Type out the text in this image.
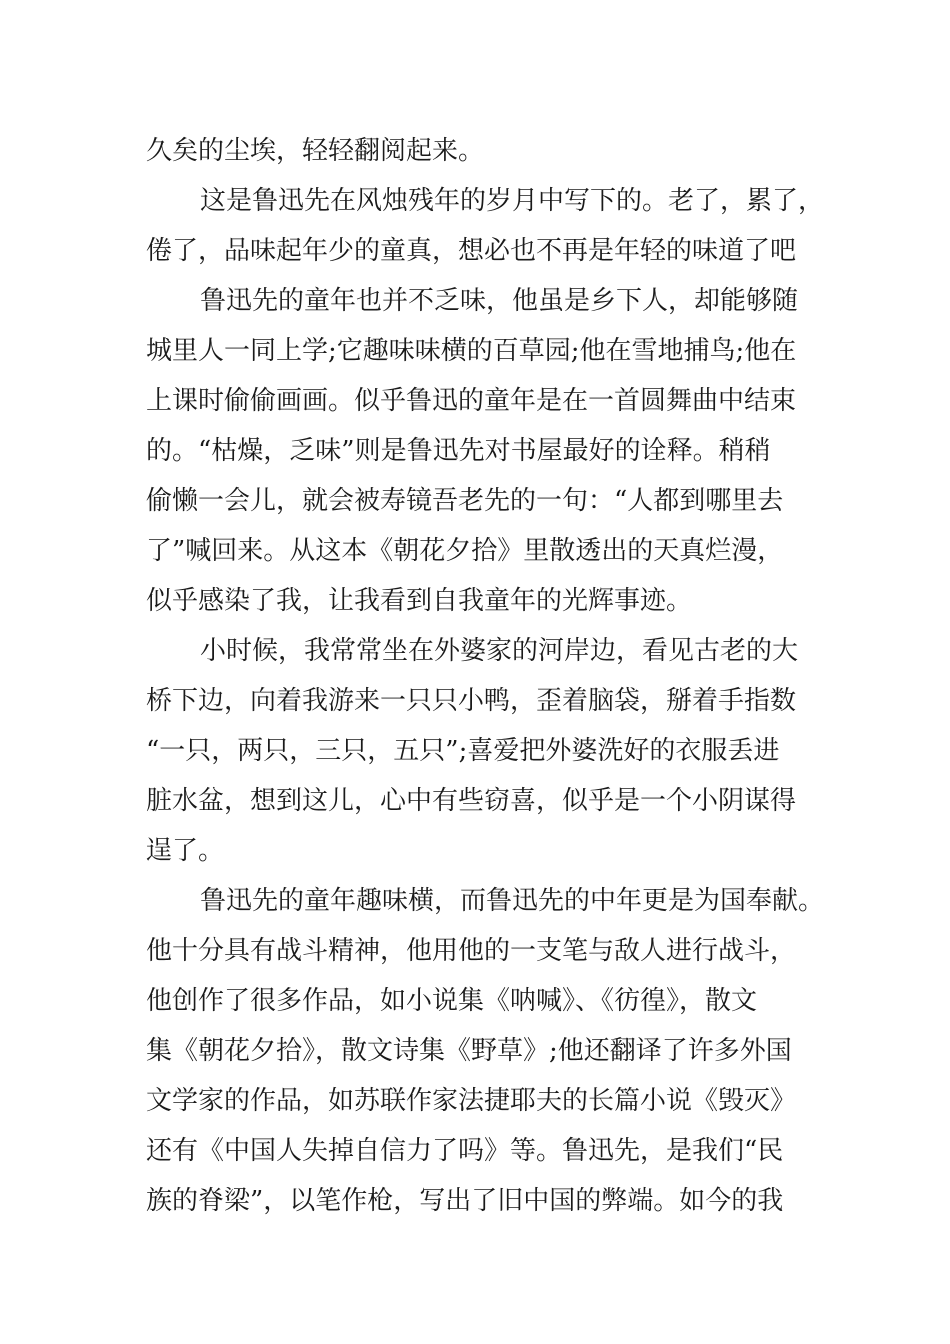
久矣的尘埃，轻轻翻阅起来。
这是鲁迅先在风烛残年的岁月中写下的。老了，累了，
倦了，品味起年少的童真，想必也不再是年轻的味道了吧
鲁迅先的童年也并不乏味，他虽是乡下人，却能够随
城里人一同上学;它趣味味横的百草园;他在雪地捕鸟;他在
上课时偷偷画画。似乎鲁迅的童年是在一首圆舞曲中结束
的。“枯燥，乏味”则是鲁迅先对书屋最好的诠释。稍稍
偷懒一会儿，就会被寿镜吾老先的一句：“人都到哪里去
了”喊回来。从这本《朝花夕拾》里散透出的天真烂漫，
似乎感染了我，让我看到自我童年的光辉事迹。
小时候，我常常坐在外婆家的河岸边，看见古老的大
桥下边，向着我游来一只只小鸭，歪着脑袋，掰着手指数
“一只，两只，三只，五只”;喜爱把外婆洗好的衣服丢进
脏水盆，想到这儿，心中有些窃喜，似乎是一个小阴谋得
逞了。
鲁迅先的童年趣味横，而鲁迅先的中年更是为国奉献。
他十分具有战斗精神，他用他的一支笔与敌人进行战斗，
他创作了很多作品，如小说集《呐喊》、《彷徨》，散文
集《朝花夕拾》，散文诗集《野草》;他还翻译了许多外国
文学家的作品，如苏联作家法捷耶夫的长篇小说《毁灭》
还有《中国人失掉自信力了吗》等。鲁迅先，是我们“民
族的脊梁”，以笔作枪，写出了旧中国的弊端。如今的我
